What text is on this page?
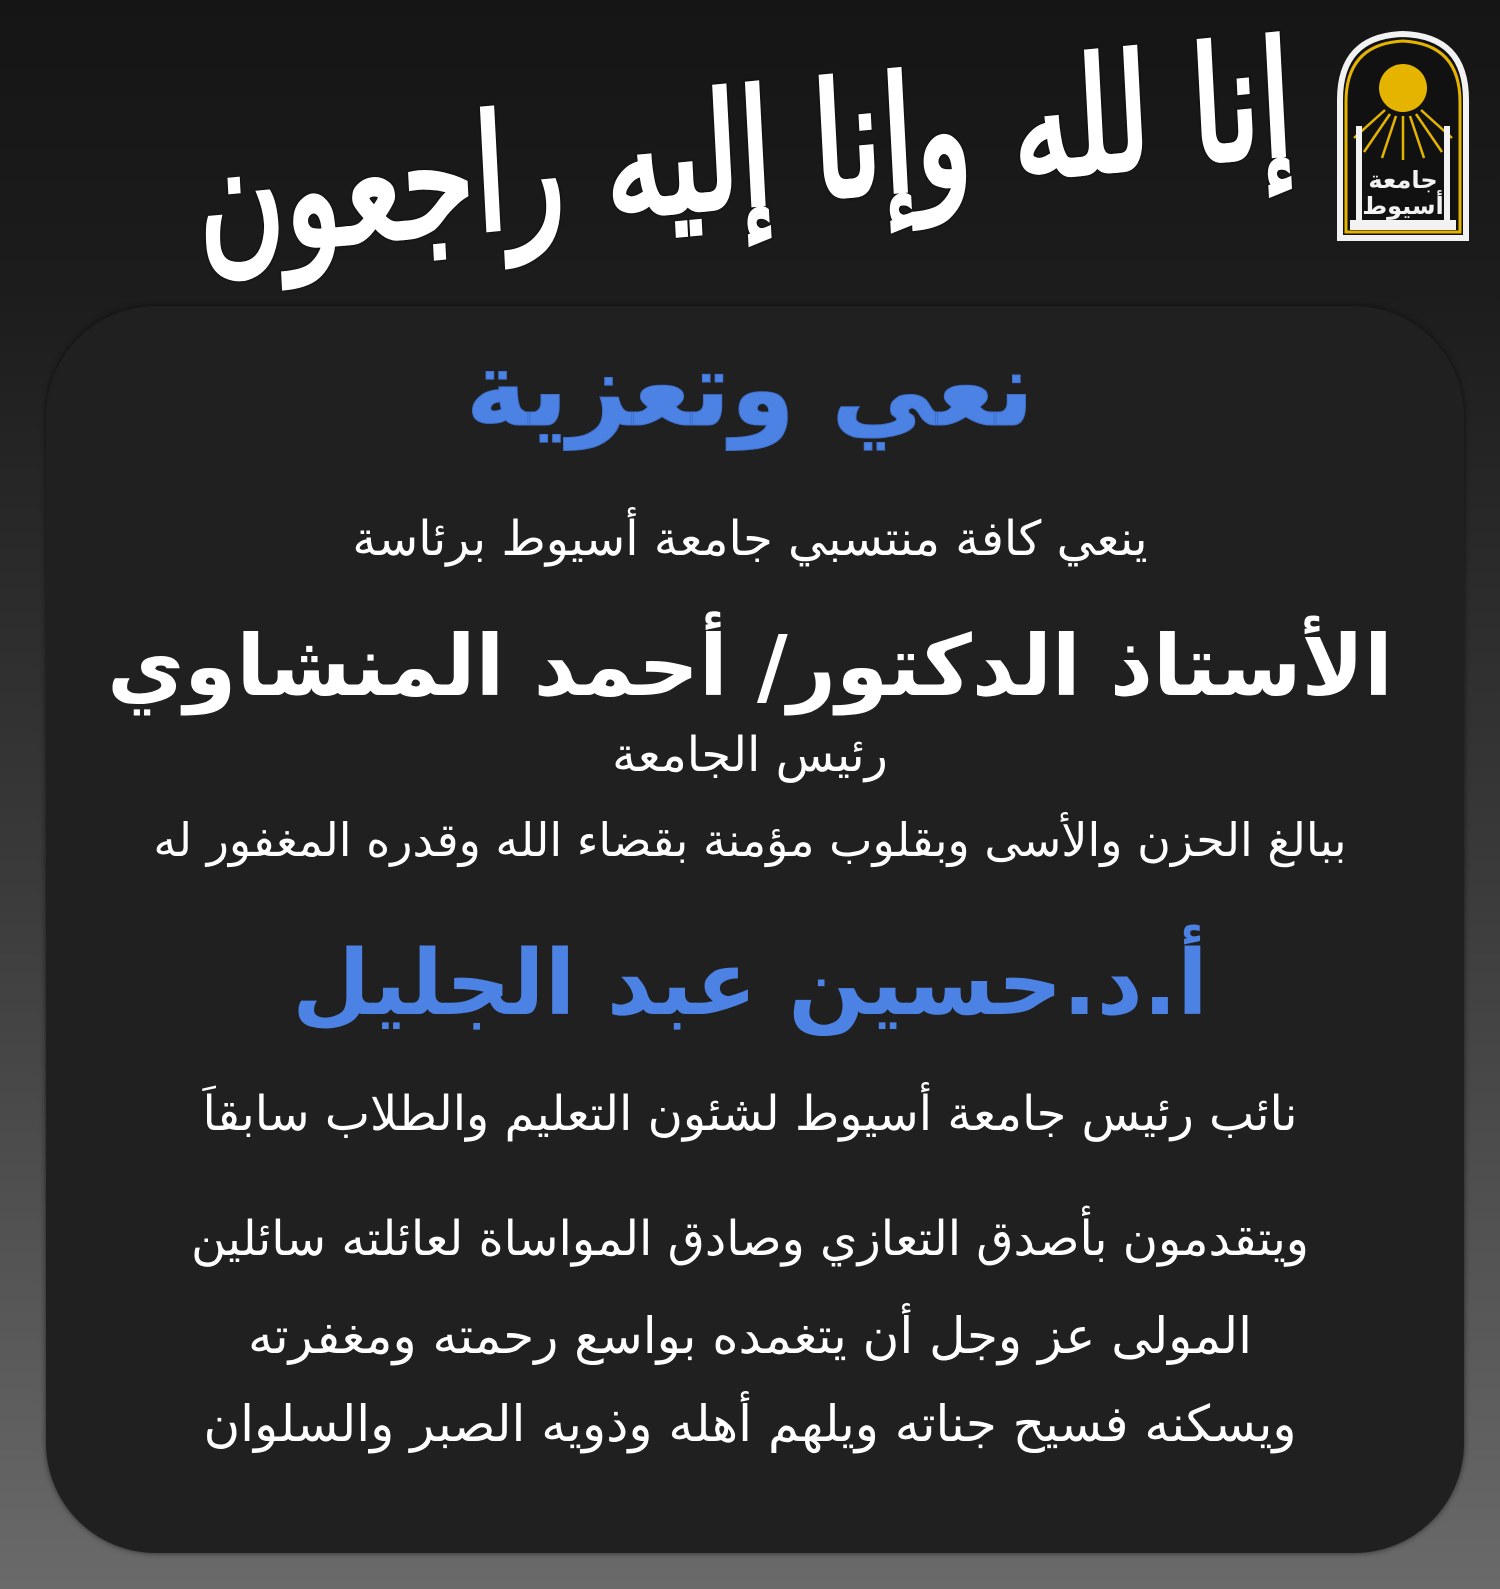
إنا لله وإنا إليه راجعون	جامعة
أسيوط
نعي وتعزية
ينعي كافة منتسبي جامعة أسيوط برئاسة
الأستاذ الدكتور/ أحمد المنشاوي
رئيس الجامعة
ببالغ الحزن والأسى وبقلوب مؤمنة بقضاء الله وقدره المغفور له
أ.د.حسين عبد الجليل
نائب رئيس جامعة أسيوط لشئون التعليم والطلاب سابقاَ
ويتقدمون بأصدق التعازي وصادق المواساة لعائلته سائلين
المولى عز وجل أن يتغمده بواسع رحمته ومغفرته
ويسكنه فسيح جناته ويلهم أهله وذويه الصبر والسلوان
